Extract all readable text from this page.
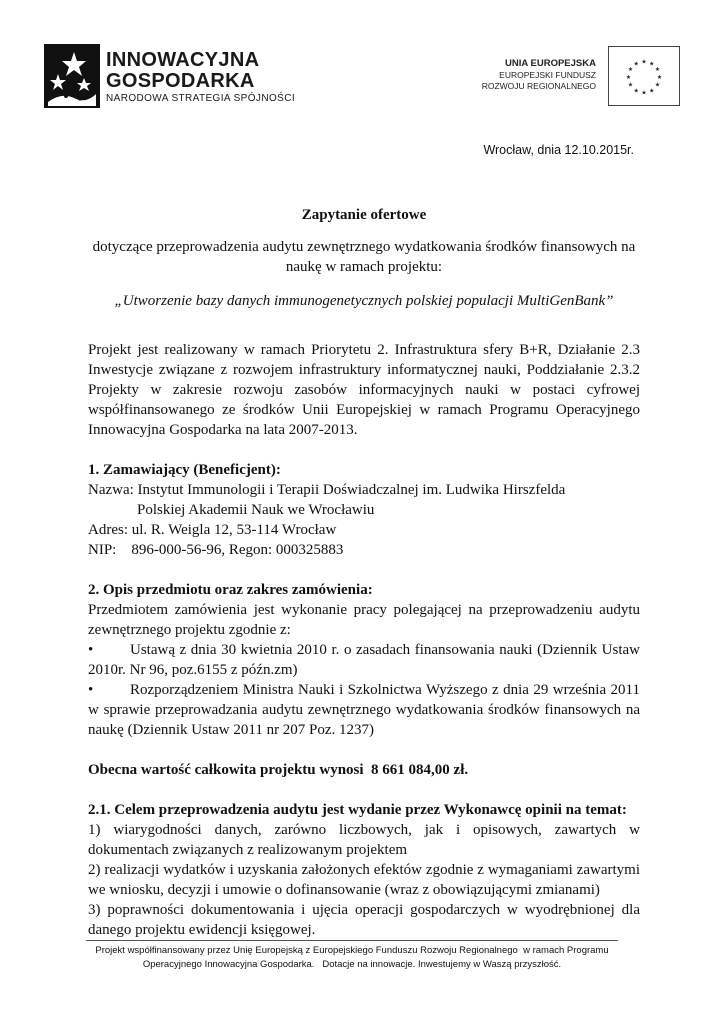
INNOWACYJNA
GOSPODARKA
NARODOWA STRATEGIA SPÓJNOŚCI
UNIA EUROPEJSKA
EUROPEJSKI FUNDUSZ
ROZWOJU REGIONALNEGO
★ ★
★
★
★
★
★
★
★
★
★
★
Wrocław, dnia 12.10.2015r.
Zapytanie ofertowe
dotyczące przeprowadzenia audytu zewnętrznego wydatkowania środków finansowych na naukę w ramach projektu:
„Utworzenie bazy danych immunogenetycznych polskiej populacji MultiGenBank”

Projekt jest realizowany w ramach Priorytetu 2. Infrastruktura sfery B+R, Działanie 2.3 Inwestycje związane z rozwojem infrastruktury informatycznej nauki, Poddziałanie 2.3.2 Projekty w zakresie rozwoju zasobów informacyjnych nauki w postaci cyfrowej współfinansowanego ze środków Unii Europejskiej w ramach Programu Operacyjnego Innowacyjna Gospodarka na lata 2007-2013.

1. Zamawiający (Beneficjent):
Nazwa: Instytut Immunologii i Terapii Doświadczalnej im. Ludwika Hirszfelda
Polskiej Akademii Nauk we Wrocławiu
Adres: ul. R. Weigla 12, 53-114 Wrocław
NIP:    896-000-56-96, Regon: 000325883
2. Opis przedmiotu oraz zakres zamówienia:

Przedmiotem zamówienia jest wykonanie pracy polegającej na przeprowadzeniu audytu zewnętrznego projektu zgodnie z:

• Ustawą z dnia 30 kwietnia 2010 r. o zasadach finansowania nauki (Dziennik Ustaw 2010r. Nr 96, poz.6155 z późn.zm)
• Rozporządzeniem Ministra Nauki i Szkolnictwa Wyższego z dnia 29 września 2011 w sprawie przeprowadzania audytu zewnętrznego wydatkowania środków finansowych na naukę (Dziennik Ustaw 2011 nr 207 Poz. 1237)
Obecna wartość całkowita projektu wynosi  8 661 084,00 zł.
2.1. Celem przeprowadzenia audytu jest wydanie przez Wykonawcę opinii na temat:

1) wiarygodności danych, zarówno liczbowych, jak i opisowych, zawartych w dokumentach związanych z realizowanym projektem

2) realizacji wydatków i uzyskania założonych efektów zgodnie z wymaganiami zawartymi we wniosku, decyzji i umowie o dofinansowanie (wraz z obowiązującymi zmianami)

3) poprawności dokumentowania i ujęcia operacji gospodarczych w wyodrębnionej dla danego projektu ewidencji księgowej.

Projekt współfinansowany przez Unię Europejską z Europejskiego Funduszu Rozwoju Regionalnego  w ramach Programu
Operacyjnego Innowacyjna Gospodarka.   Dotacje na innowacje. Inwestujemy w Waszą przyszłość.
